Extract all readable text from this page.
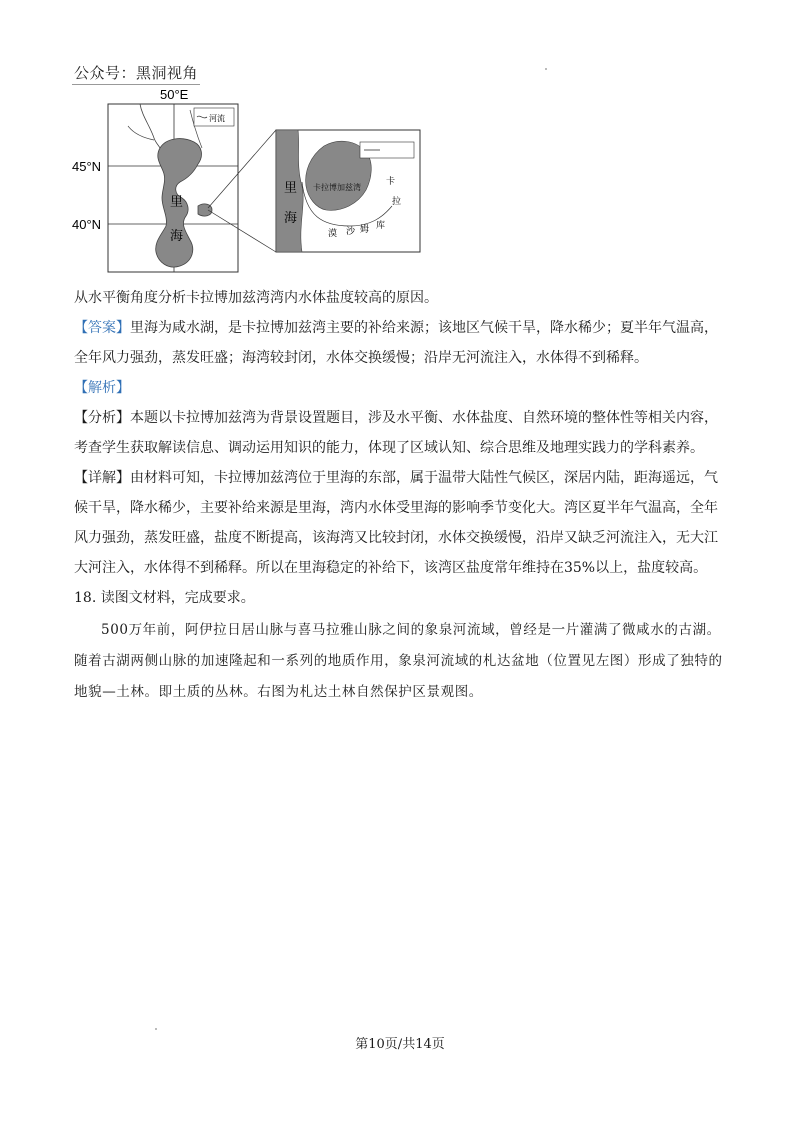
公众号：黑洞视角
50°E
45°N
40°N
里
海
河流
里
海
卡拉博加兹湾
卡
拉
库
姆
沙
漠
从水平衡角度分析卡拉博加兹湾湾内水体盐度较高的原因。
【答案】里海为咸水湖，是卡拉博加兹湾主要的补给来源；该地区气候干旱，降水稀少；夏半年气温高，
全年风力强劲，蒸发旺盛；海湾较封闭，水体交换缓慢；沿岸无河流注入，水体得不到稀释。
【解析】
【分析】本题以卡拉博加兹湾为背景设置题目，涉及水平衡、水体盐度、自然环境的整体性等相关内容，
考查学生获取解读信息、调动运用知识的能力，体现了区域认知、综合思维及地理实践力的学科素养。
【详解】由材料可知，卡拉博加兹湾位于里海的东部，属于温带大陆性气候区，深居内陆，距海遥远，气
候干旱，降水稀少，主要补给来源是里海，湾内水体受里海的影响季节变化大。湾区夏半年气温高，全年
风力强劲，蒸发旺盛，盐度不断提高，该海湾又比较封闭，水体交换缓慢，沿岸又缺乏河流注入，无大江
大河注入，水体得不到稀释。所以在里海稳定的补给下，该湾区盐度常年维持在35%以上，盐度较高。
18. 读图文材料，完成要求。
500万年前，阿伊拉日居山脉与喜马拉雅山脉之间的象泉河流域，曾经是一片灌满了微咸水的古湖。
随着古湖两侧山脉的加速隆起和一系列的地质作用，象泉河流域的札达盆地（位置见左图）形成了独特的
地貌—土林。即土质的丛林。右图为札达土林自然保护区景观图。
第10页/共14页
